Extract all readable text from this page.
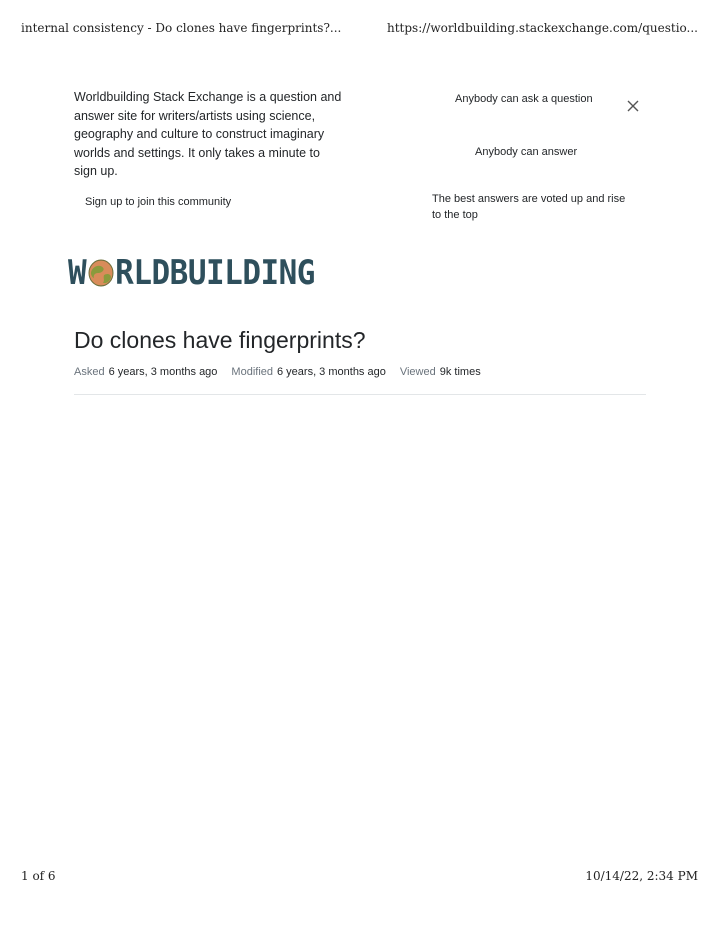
internal consistency - Do clones have fingerprints?...	https://worldbuilding.stackexchange.com/questio...
Worldbuilding Stack Exchange is a question and answer site for writers/artists using science, geography and culture to construct imaginary worlds and settings. It only takes a minute to sign up.
Sign up to join this community
Anybody can ask a question
Anybody can answer
The best answers are voted up and rise to the top
W RLDBUILDING
Do clones have fingerprints?
Asked 6 years, 3 months ago Modified 6 years, 3 months ago Viewed 9k times
1 of 6	10/14/22, 2:34 PM
